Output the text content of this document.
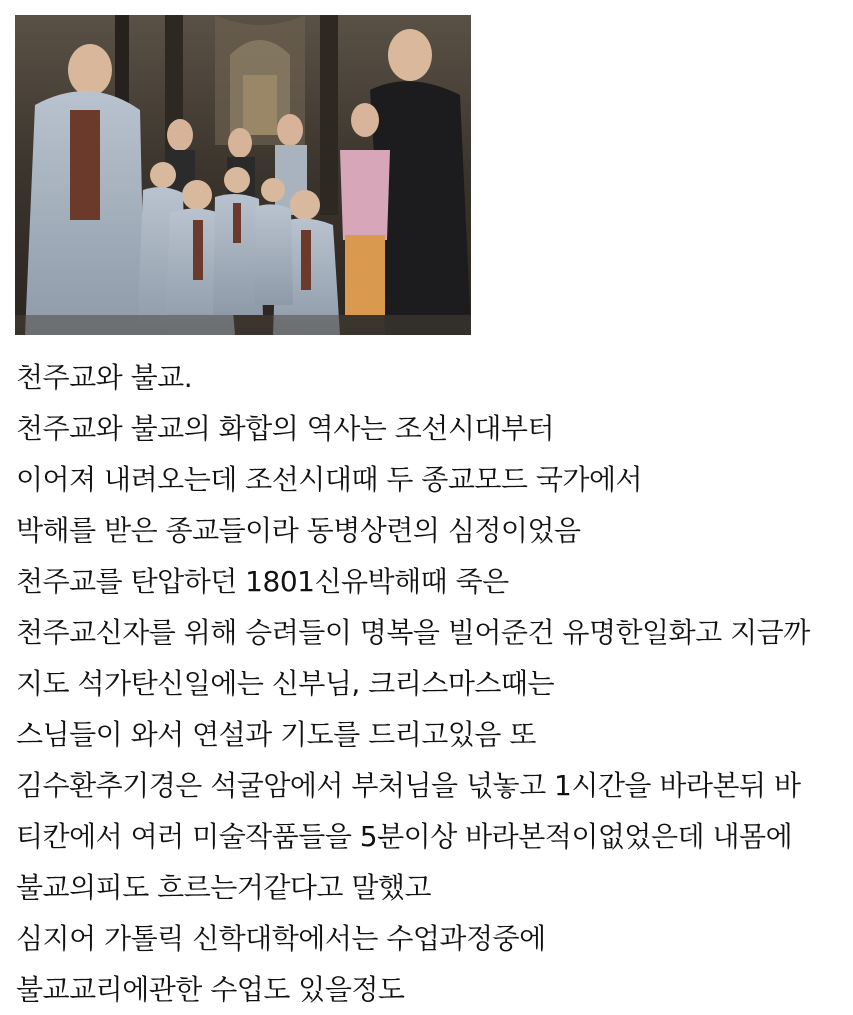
천주교와 불교.
천주교와 불교의 화합의 역사는 조선시대부터
이어져 내려오는데 조선시대때 두 종교모드 국가에서
박해를 받은 종교들이라 동병상련의 심정이었음
천주교를 탄압하던 1801신유박해때 죽은
천주교신자를 위해 승려들이 명복을 빌어준건 유명한일화고 지금까
지도 석가탄신일에는 신부님, 크리스마스때는
스님들이 와서 연설과 기도를 드리고있음 또
김수환추기경은 석굴암에서 부처님을 넋놓고 1시간을 바라본뒤 바
티칸에서 여러 미술작품들을 5분이상 바라본적이없었은데 내몸에
불교의피도 흐르는거같다고 말했고
심지어 가톨릭 신학대학에서는 수업과정중에
불교교리에관한 수업도 있을정도
